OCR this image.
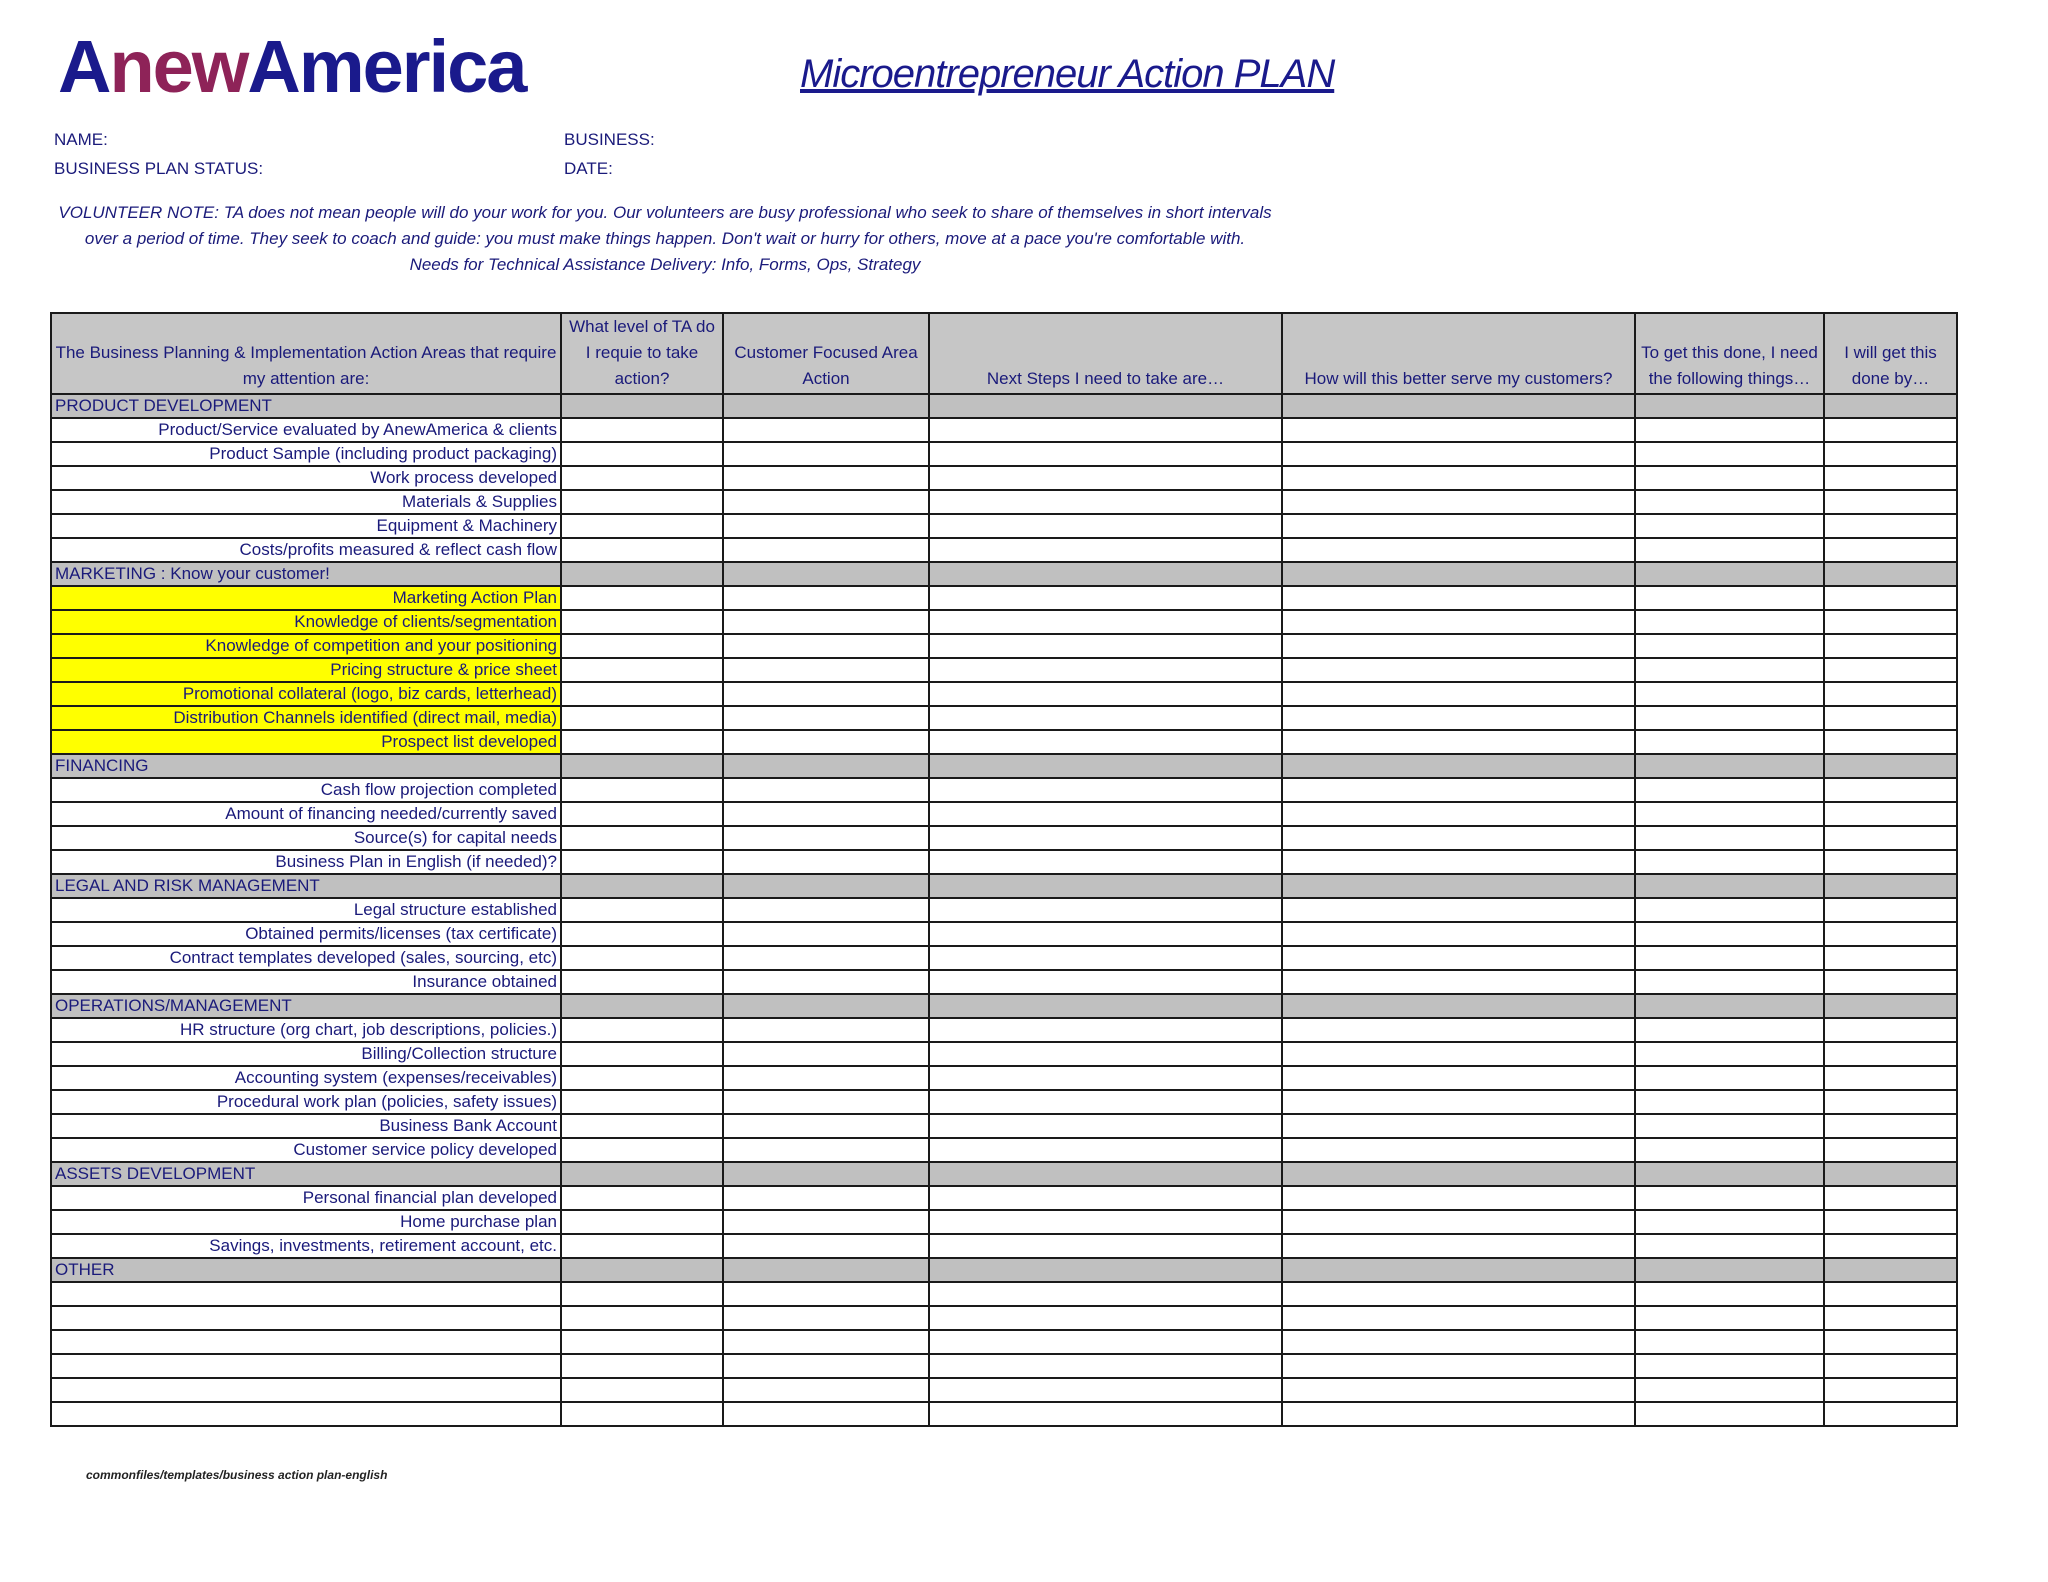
AnewAmerica	Microentrepreneur Action PLAN
NAME:	BUSINESS:
BUSINESS PLAN STATUS:	DATE:
VOLUNTEER NOTE: TA does not mean people will do your work for you. Our volunteers are busy professional who seek to share of themselves in short intervals
over a period of time. They seek to coach and guide: you must make things happen. Don't wait or hurry for others, move at a pace you're comfortable with.
Needs for Technical Assistance Delivery: Info, Forms, Ops, Strategy
The Business Planning & Implementation Action Areas that require my attention are:	What level of TA do I requie to take action?	Customer Focused Area Action	Next Steps I need to take are…	How will this better serve my customers?	To get this done, I need the following things…	I will get this done by…
PRODUCT DEVELOPMENT						
Product/Service evaluated by AnewAmerica & clients						
Product Sample (including product packaging)						
Work process developed						
Materials & Supplies						
Equipment & Machinery						
Costs/profits measured & reflect cash flow						
MARKETING : Know your customer!						
Marketing Action Plan						
Knowledge of clients/segmentation						
Knowledge of competition and your positioning						
Pricing structure & price sheet						
Promotional collateral (logo, biz cards, letterhead)						
Distribution Channels identified (direct mail, media)						
Prospect list developed						
FINANCING						
Cash flow projection completed						
Amount of financing needed/currently saved						
Source(s) for capital needs						
Business Plan in English (if needed)?						
LEGAL AND RISK MANAGEMENT						
Legal structure established						
Obtained permits/licenses (tax certificate)						
Contract templates developed (sales, sourcing, etc)						
Insurance obtained						
OPERATIONS/MANAGEMENT						
HR structure (org chart, job descriptions, policies.)						
Billing/Collection structure						
Accounting system (expenses/receivables)						
Procedural work plan (policies, safety issues)						
Business Bank Account						
Customer service policy developed						
ASSETS DEVELOPMENT						
Personal financial plan developed						
Home purchase plan						
Savings, investments, retirement account, etc.						
OTHER						

commonfiles/templates/business action plan-english
